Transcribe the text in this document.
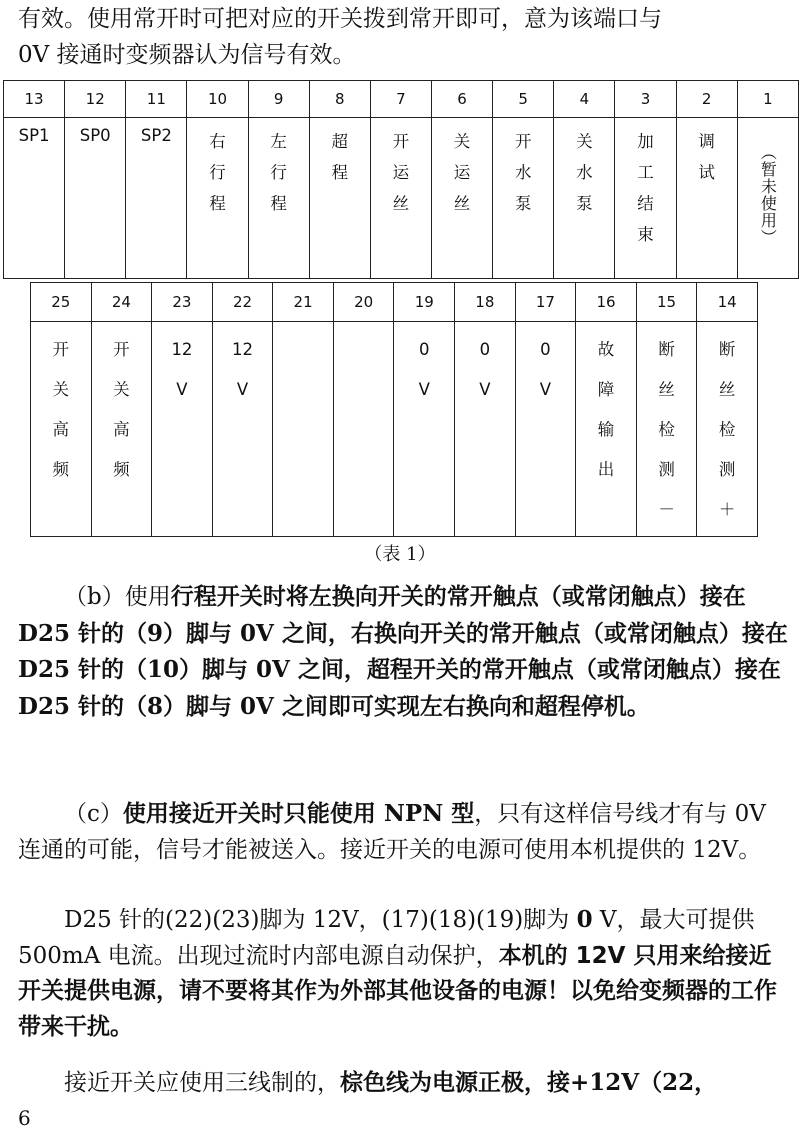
有效。使用常开时可把对应的开关拨到常开即可，意为该端口与
0V 接通时变频器认为信号有效。

13	12	11	10	9	8	7	6	5	4	3	2	1
SP1	SP0	SP2	右
行
程	左
行
程	超
程	开
运
丝	关
运
丝	开
水
泵	关
水
泵	加
工
结
束	调
试	（暂未使用）
25	24	23	22	21	20	19	18	17	16	15	14

开
关
高
频	开
关
高
频	12
V	12
V			0
V	0
V	0
V	故
障
输
出	断
丝
检
测
－	断
丝
检
测
＋
（表 1）

（b）使用行程开关时将左换向开关的常开触点（或常闭触点）接在 D25 针的（9）脚与 0V 之间，右换向开关的常开触点（或常闭触点）接在 D25 针的（10）脚与 0V 之间，超程开关的常开触点（或常闭触点）接在 D25 针的（8）脚与 0V 之间即可实现左右换向和超程停机。

（c）使用接近开关时只能使用 NPN 型，只有这样信号线才有与 0V 连通的可能，信号才能被送入。接近开关的电源可使用本机提供的 12V。

D25 针的(22)(23)脚为 12V，(17)(18)(19)脚为 0 V，最大可提供 500mA 电流。出现过流时内部电源自动保护，本机的 12V 只用来给接近开关提供电源，请不要将其作为外部其他设备的电源！以免给变频器的工作带来干扰。

接近开关应使用三线制的，棕色线为电源正极，接+12V（22，

6
